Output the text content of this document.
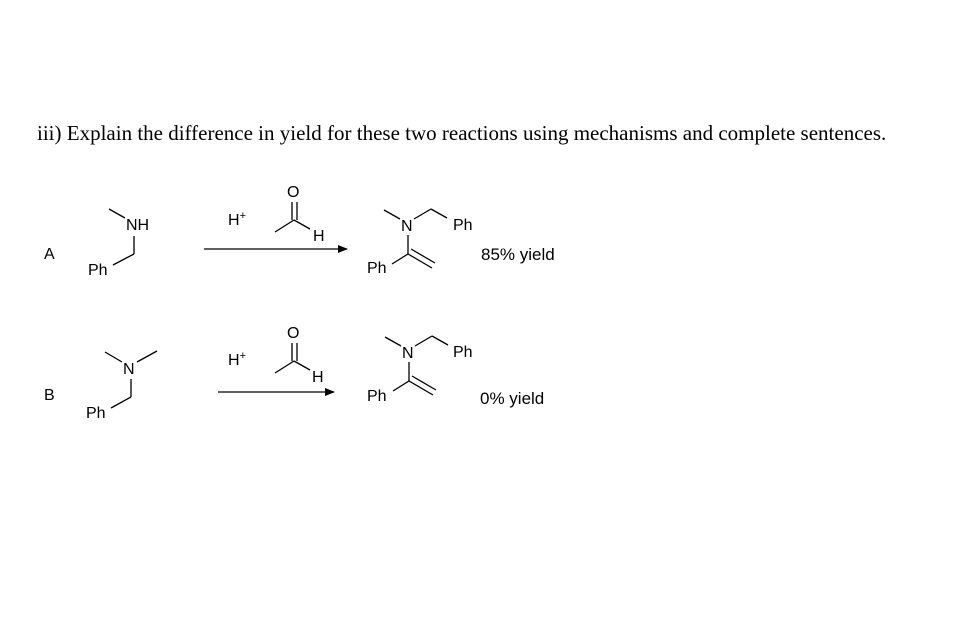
iii) Explain the difference in yield for these two reactions using mechanisms and complete sentences.

A
NH
Ph
H+
O
H
N	Ph
Ph
85% yield
B
N
Ph
H+
O
H
N Ph
Ph	0% yield
